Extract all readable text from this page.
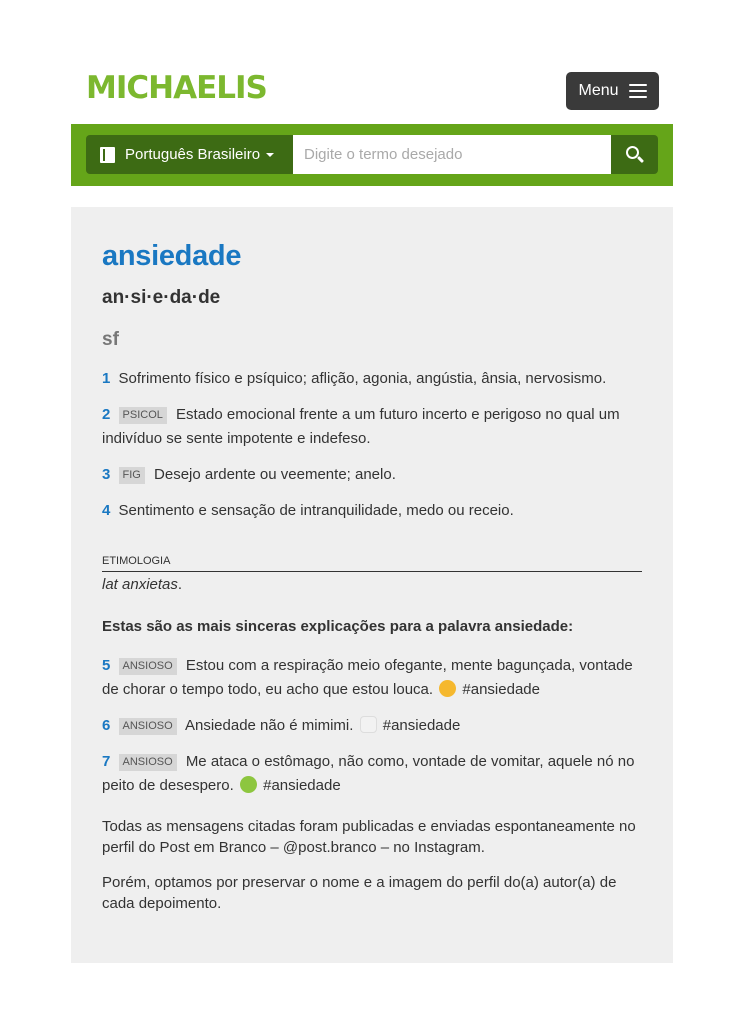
MICHAELIS	Menu
Português Brasileiro
Digite o termo desejado
ansiedade
an·si·e·da·de
sf

1 Sofrimento físico e psíquico; aflição, agonia, angústia, ânsia, nervosismo.

2 PSICOL Estado emocional frente a um futuro incerto e perigoso no qual um indivíduo se sente impotente e indefeso.

3 FIG Desejo ardente ou veemente; anelo.

4 Sentimento e sensação de intranquilidade, medo ou receio.

ETIMOLOGIA
lat anxietas.
Estas são as mais sinceras explicações para a palavra ansiedade:

5 ANSIOSO Estou com a respiração meio ofegante, mente bagunçada, vontade de chorar o tempo todo, eu acho que estou louca. #ansiedade

6 ANSIOSO Ansiedade não é mimimi. #ansiedade

7 ANSIOSO Me ataca o estômago, não como, vontade de vomitar, aquele nó no peito de desespero. #ansiedade

Todas as mensagens citadas foram publicadas e enviadas espontaneamente no perfil do Post em Branco – @post.branco – no Instagram.

Porém, optamos por preservar o nome e a imagem do perfil do(a) autor(a) de cada depoimento.
